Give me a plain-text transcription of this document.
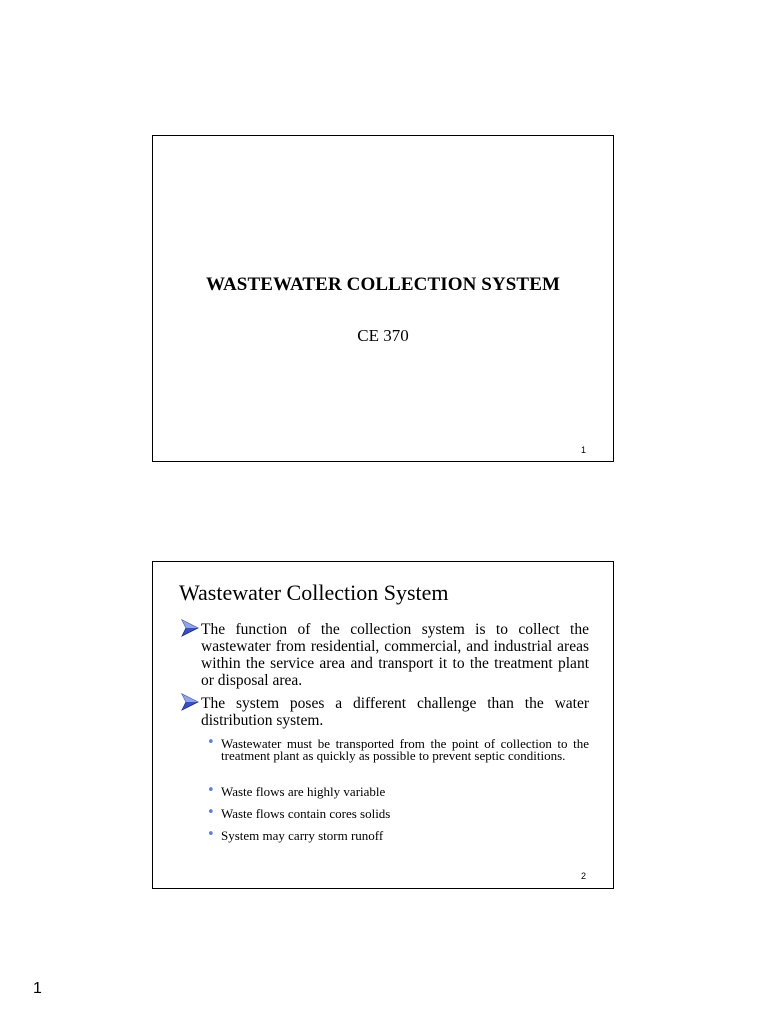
WASTEWATER COLLECTION SYSTEM
CE 370
1
Wastewater Collection System
The function of the collection system is to collect the wastewater from residential, commercial, and industrial areas within the service area and transport it to the treatment plant or disposal area.
The system poses a different challenge than the water distribution system.
• Wastewater must be transported from the point of collection to the treatment plant as quickly as possible to prevent septic conditions.
• Waste flows are highly variable
• Waste flows contain cores solids
• System may carry storm runoff
2
1
